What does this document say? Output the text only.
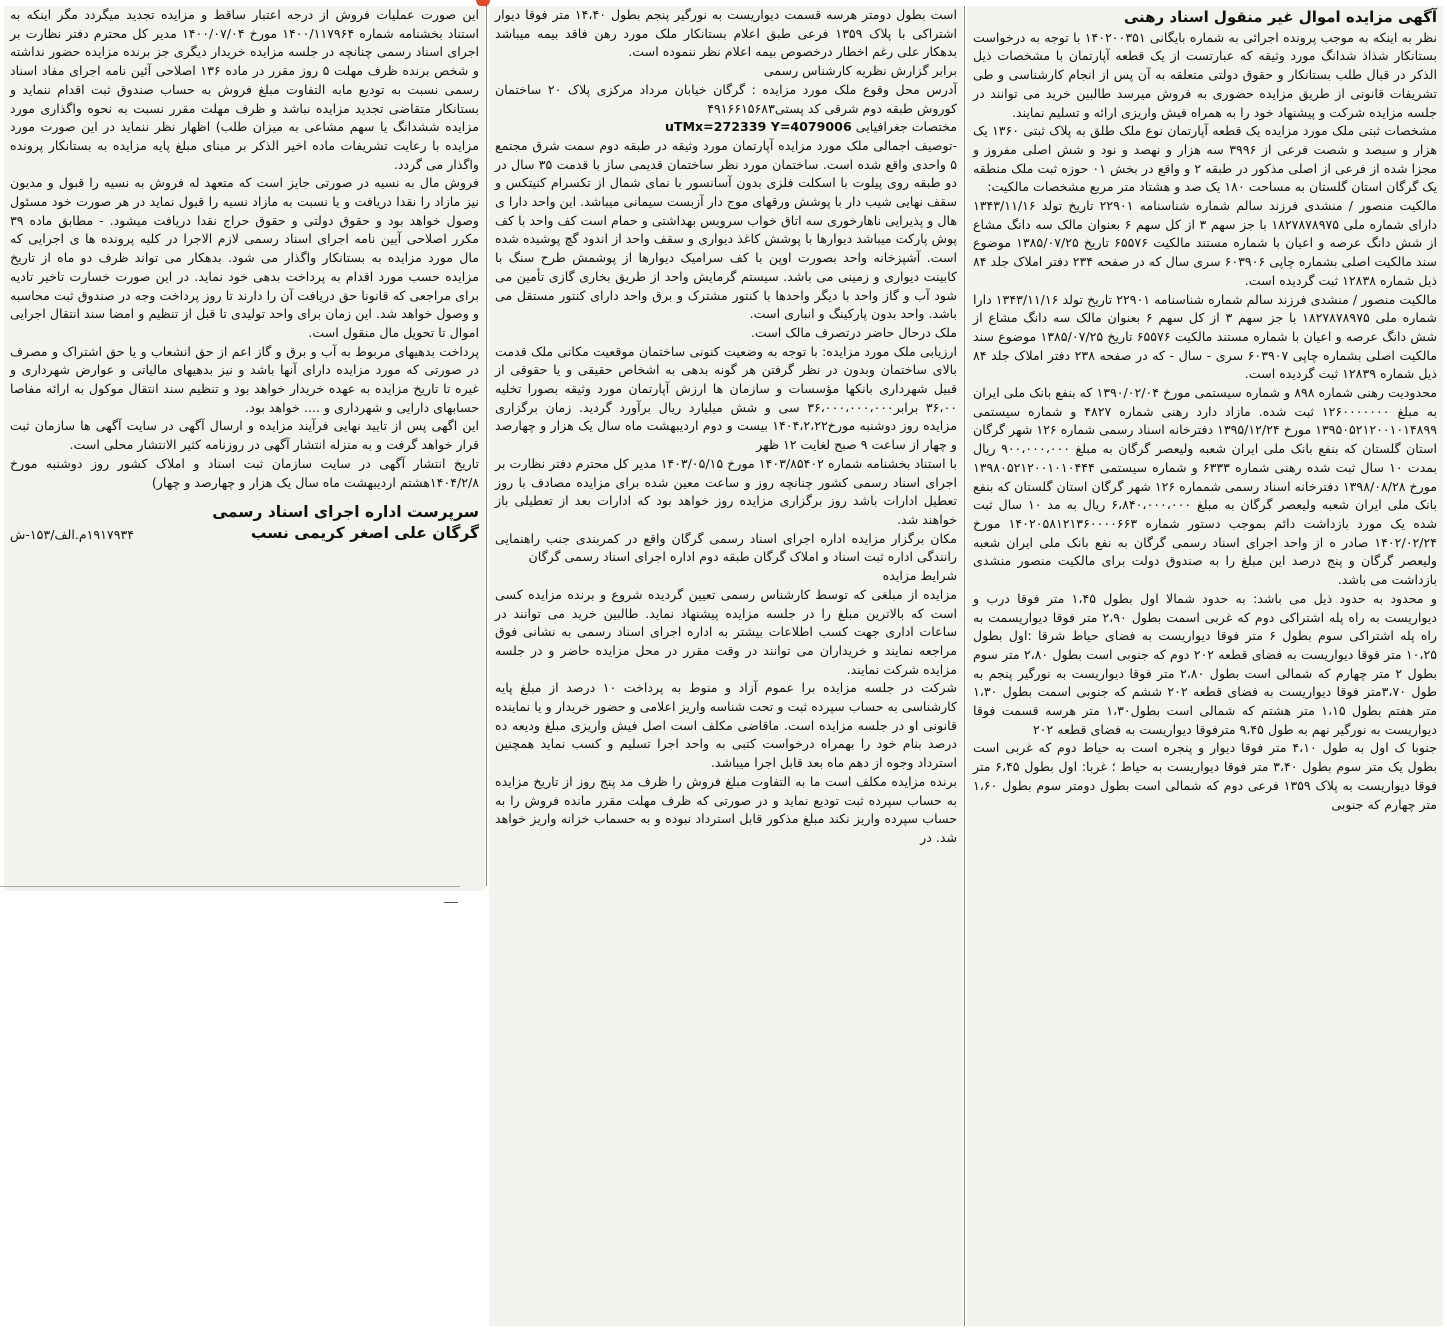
آگهی مزایده اموال غیر منقول اسناد رهنی

نظر به اینکه به موجب پرونده اجرائی به شماره بایگانی ۱۴۰۲۰۰۳۵۱ با توجه به درخواست بستانکار شذاذ شدانگ مورد وثیقه که عبارتست از یک قطعه آپارتمان با مشخصات ذیل الذکر در قبال طلب بستانکار و حقوق دولتی متعلقه به آن پس از انجام کارشناسی و طی تشریفات قانونی از طریق مزایده حضوری به فروش میرسد طالبین خرید می توانند در جلسه مزایده شرکت و پیشنهاد خود را به همراه فیش واریزی ارائه و تسلیم نمایند.

مشخصات ثبتی ملک مورد مزایده یک قطعه آپارتمان نوع ملک طلق به پلاک ثبتی ۱۳۶۰ یک هزار و سیصد و شصت فرعی از ۳۹۹۶ سه هزار و نهصد و نود و شش اصلی مفروز و مجزا شده از فرعی از اصلی مذکور در طبقه ۲ و واقع در بخش ۰۱ حوزه ثبت ملک منطقه یک گرگان استان گلستان به مساحت ۱۸۰ یک صد و هشتاد متر مربع مشخصات مالکیت:

مالکیت منصور / منشدی فرزند سالم شماره شناسنامه ۲۲۹۰۱ تاریخ تولد ۱۳۴۳/۱۱/۱۶ دارای شماره ملی ۱۸۲۷۸۷۸۹۷۵ با جز سهم ۳ از کل سهم ۶ بعنوان مالک سه دانگ مشاع از شش دانگ عرصه و اعیان با شماره مستند مالکیت ۶۵۵۷۶ تاریخ ۱۳۸۵/۰۷/۲۵ موضوع سند مالکیت اصلی بشماره چاپی ۶۰۳۹۰۶ سری سال که در صفحه ۲۳۴ دفتر املاک جلد ۸۴ ذیل شماره ۱۲۸۳۸ ثبت گردیده است.

مالکیت منصور / منشدی فرزند سالم شماره شناسنامه ۲۲۹۰۱ تاریخ تولد ۱۳۴۳/۱۱/۱۶ دارا شماره ملی ۱۸۲۷۸۷۸۹۷۵ با جز سهم ۳ از کل سهم ۶ بعنوان مالک سه دانگ مشاع از شش دانگ عرصه و اعیان با شماره مستند مالکیت ۶۵۵۷۶ تاریخ ۱۳۸۵/۰۷/۲۵ موضوع سند مالکیت اصلی بشماره چاپی ۶۰۳۹۰۷ سری - سال - که در صفحه ۲۳۸ دفتر املاک جلد ۸۴ ذیل شماره ۱۲۸۳۹ ثبت گردیده است.

محدودیت رهنی شماره ۸۹۸ و شماره سیستمی مورخ ۱۳۹۰/۰۲/۰۴ که بنفع بانک ملی ایران به مبلغ ۱۲۶۰۰۰۰۰۰۰ ثبت شده. مازاد دارد رهنی شماره ۴۸۲۷ و شماره سیستمی ۱۳۹۵۰۵۲۱۲۰۰۱۰۱۴۸۹۹ مورخ ۱۳۹۵/۱۲/۲۴ دفترخانه اسناد رسمی شماره ۱۲۶ شهر گرگان استان گلستان که بنفع بانک ملی ایران شعبه ولیعصر گرگان به مبلغ ۹۰۰،۰۰۰،۰۰۰ ریال بمدت ۱۰ سال ثبت شده رهنی شماره ۶۳۳۳ و شماره سیستمی ۱۳۹۸۰۵۲۱۲۰۰۱۰۱۰۴۴۴ مورخ ۱۳۹۸/۰۸/۲۸ دفترخانه اسناد رسمی شمماره ۱۲۶ شهر گرگان استان گلستان که بنفع بانک ملی ایران شعبه ولیعصر گرگان به مبلغ ۶،۸۴۰،۰۰۰،۰۰۰ ریال به مد ۱۰ سال ثبت شده یک مورد بازداشت دائم بموجب دستور شماره ۱۴۰۲۰۵۸۱۲۱۳۶۰۰۰۰۶۶۳ مورخ ۱۴۰۲/۰۲/۲۴ صادر ه از واحد اجرای اسناد رسمی گرگان به نفع بانک ملی ایران شعبه ولیعصر گرگان و پنج درصد این مبلغ را به صندوق دولت برای مالکیت منصور منشدی بازداشت می باشد.

و محدود به حدود ذیل می باشد: به حدود شمالا اول بطول ۱،۴۵ متر فوقا درب و دیواریست به راه پله اشتراکی دوم که غربی اسمت بطول ۲،۹۰ متر فوقا دیواریسمت به راه پله اشتراکی سوم بطول ۶ متر فوقا دیواریست به فضای حیاط شرقا :اول بطول ۱۰،۲۵ متر فوقا دیواریست به فضای قطعه ۲۰۲ دوم که جنوبی است بطول ۲،۸۰ متر سوم بطول ۲ متر چهارم که شمالی است بطول ۲،۸۰ متر فوقا دیواریست به نورگیر پنجم به طول ۳،۷۰متر فوقا دیواریست به فضای قطعه ۲۰۲ ششم که جنوبی اسمت بطول ۱،۳۰ متر هفتم بطول ۱،۱۵ متر هشتم که شمالی است بطول۱،۳۰ متر هرسه قسمت فوقا دیواریست به نورگیر نهم به طول ۹،۴۵ مترفوقا دیواریست به فضای قطعه ۲۰۲

جنوبا ک اول به طول ۴،۱۰ متر فوقا دیوار و پنجره است به حیاط دوم که غربی است بطول یک متر سوم بطول ۳،۴۰ متر فوقا دیواریست به حیاط ؛ غربا: اول بطول ۶،۴۵ متر فوقا دیواریست به پلاک ۱۳۵۹ فرعی دوم که شمالی است بطول دومتر سوم بطول ۱،۶۰ متر چهارم که جنوبی

است بطول دومتر هرسه قسمت دیواریست به نورگیر پنجم بطول ۱۴،۴۰ متر فوقا دیوار اشتراکی با پلاک ۱۳۵۹ فرعی طبق اعلام بستانکار ملک مورد رهن فاقد بیمه میباشد بدهکار علی رغم اخطار درخصوص بیمه اعلام نظر ننموده است.

برابر گزارش نظریه کارشناس رسمی

آدرس محل وقوع ملک مورد مزایده : گرگان خیابان مرداد مرکزی پلاک ۲۰ ساختمان کوروش طبقه دوم شرقی کد پستی۴۹۱۶۶۱۵۶۸۳

مختصات جغرافیایی uTMx=272339 Y=4079006

-توصیف اجمالی ملک مورد مزایده آپارتمان مورد وثیقه در طبقه دوم سمت شرق مجتمع ۵ واحدی واقع شده است. ساختمان مورد نظر ساختمان قدیمی ساز با قدمت ۳۵ سال در دو طبقه روی پیلوت با اسکلت فلزی بدون آسانسور با نمای شمال از تکسرام کنیتکس و سقف نهایی شیب دار با پوشش ورقهای موج دار آزبست سیمانی میباشد. این واحد دارا ی هال و پذیرایی ناهارخوری سه اتاق خواب سرویس بهداشتی و حمام است کف واحد با کف پوش پارکت میباشد دیوارها با پوشش کاغذ دیواری و سقف واحد از اندود گچ پوشیده شده است. آشپزخانه واحد بصورت اوپن با کف سرامیک دیوارها از پوشمش طرح سنگ با کابینت دیواری و زمینی می باشد. سیستم گرمایش واحد از طریق بخاری گازی تأمین می شود آب و گاز واحد با دیگر واحدها با کنتور مشترک و برق واحد دارای کنتور مستقل می باشد. واحد بدون پارکینگ و انباری است.

ملک درحال حاضر درتصرف مالک است.

ارزیابی ملک مورد مزایده: با توجه به وضعیت کنونی ساختمان موقعیت مکانی ملک قدمت بالای ساختمان وبدون در نظر گرفتن هر گونه بدهی به اشخاص حقیقی و یا حقوقی از قبیل شهرداری بانکها مؤسسات و سازمان ها ارزش آپارتمان مورد وثیقه بصورا تخلیه ۳۶،۰۰ برابر۳۶،۰۰۰،۰۰۰،۰۰۰ سی و شش میلیارد ریال برآورد گردید. زمان برگزاری مزایده روز دوشنبه مورخ۱۴۰۴،۲،۲۲ بیست و دوم اردیبهشت ماه سال یک هزار و چهارصد و چهار از ساعت ۹ صبح لغایت ۱۲ ظهر

با استناد بخشنامه شماره ۱۴۰۳/۸۵۴۰۲ مورخ ۱۴۰۳/۰۵/۱۵ مدیر کل محترم دفتر نظارت بر اجرای اسناد رسمی کشور چنانچه روز و ساعت معین شده برای مزایده مصادف با روز تعطیل ادارات باشد روز برگزاری مزایده روز خواهد بود که ادارات بعد از تعطیلی باز خواهند شد.

مکان برگزار مزایده اداره اجرای اسناد رسمی گرگان واقع در کمربندی جنب راهنمایی رانندگی اداره ثبت اسناد و املاک گرگان طبقه دوم اداره اجرای اسناد رسمی گرگان

شرایط مزایده

مزایده از مبلغی که توسط کارشناس رسمی تعیین گردیده شروع و برنده مزایده کسی است که بالاترین مبلغ را در جلسه مزایده پیشنهاد نماید. طالبین خرید می توانند در ساعات اداری جهت کسب اطلاعات بیشتر به اداره اجرای اسناد رسمی به نشانی فوق مراجعه نمایند و خریداران می توانند در وقت مقرر در محل مزایده حاضر و در جلسه مزایده شرکت نمایند.

شرکت در جلسه مزایده برا عموم آزاد و منوط به پرداخت ۱۰ درصد از مبلغ پایه کارشناسی به حساب سپرده ثبت و تحت شناسه واریز اعلامی و حضور خریدار و یا نماینده قانونی او در جلسه مزایده است. ماقاضی مکلف است اصل فیش واریزی مبلغ ودیعه ده درصد بنام خود را بهمراه درخواست کتبی به واحد اجرا تسلیم و کسب نماید همچنین استرداد وجوه از دهم ماه بعد قابل اجرا میباشد.

برنده مزایده مکلف است ما به التفاوت مبلغ فروش را ظرف مد پنج روز از تاریخ مزایده به حساب سپرده ثبت تودیع نماید و در صورتی که ظرف مهلت مقرر مانده فروش را به حساب سپرده واریز نکند مبلغ مذکور قابل استرداد نبوده و به حسماب خزانه واریز خواهد شد. در

این صورت عملیات فروش از درجه اعتبار ساقط و مزایده تجدید میگردد مگر اینکه به استناد بخشنامه شماره ۱۴۰۰/۱۱۷۹۶۴ مورخ ۱۴۰۰/۰۷/۰۴ مدیر کل محترم دفتر نظارت بر اجرای اسناد رسمی چنانچه در جلسه مزایده خریدار دیگری جز برنده مزایده حضور نداشته و شخص برنده ظرف مهلت ۵ روز مقرر در ماده ۱۳۶ اصلاحی آئین نامه اجرای مفاد اسناد رسمی نسبت به تودیع مابه التفاوت مبلغ فروش به حساب صندوق ثبت اقدام ننماید و بستانکار متقاضی تجدید مزایده نباشد و ظرف مهلت مقرر نسبت به نحوه واگذاری مورد مزایده ششدانگ یا سهم مشاعی به میزان طلب) اظهار نظر ننماید در این صورت مورد مزایده با رعایت تشریفات ماده اخیر الذکر بر مبنای مبلغ پایه مزایده به بستانکار پرونده واگذار می گردد.

فروش مال به نسیه در صورتی جایز است که متعهد له فروش به نسیه را قبول و مدیون نیز مازاد را نقدا دریافت و یا نسبت به مازاد نسیه را قبول نماید در هر صورت خود مسئول وصول خواهد بود و حقوق دولتی و حقوق حراج نقدا دریافت میشود. - مطابق ماده ۳۹ مکرر اصلاحی آیین نامه اجرای اسناد رسمی لازم الاجرا در کلیه پرونده ها ی اجرایی که مال مورد مزایده به بستانکار واگذار می شود. بدهکار می تواند ظرف دو ماه از تاریخ مزایده حسب مورد اقدام به پرداخت بدهی خود نماید. در این صورت خسارت تاخیر تادیه برای مراجعی که قانونا حق دریافت آن را دارند تا روز پرداخت وجه در صندوق ثبت محاسبه و وصول خواهد شد. این زمان برای واحد تولیدی تا قبل از تنظیم و امضا سند انتقال اجرایی اموال تا تحویل مال منقول است.

پرداخت بدهیهای مربوط به آب و برق و گاز اعم از حق انشعاب و یا حق اشتراک و مصرف در صورتی که مورد مزایده دارای آنها باشد و نیز بدهیهای مالیاتی و عوارض شهرداری و غیره تا تاریخ مزایده به عهده خریدار خواهد بود و تنظیم سند انتقال موکول به ارائه مفاصا حسابهای دارایی و شهرداری و .... خواهد بود.

این اگهی پس از تایید نهایی فرآیند مزایده و ارسال آگهی در سایت آگهی ها سازمان ثبت قرار خواهد گرفت و به منزله انتشار آگهی در روزنامه کثیر الانتشار محلی است.

تاریخ انتشار آگهی در سایت سازمان ثبت اسناد و املاک کشور روز دوشنبه مورخ ۱۴۰۴/۲/۸هشتم اردیبهشت ماه سال یک هزار و چهارصد و چهار)

سرپرست اداره اجرای اسناد رسمی
گرگان علی اصغر کریمی نسب
۱۹۱۷۹۳۴م.الف/۱۵۳-ش
